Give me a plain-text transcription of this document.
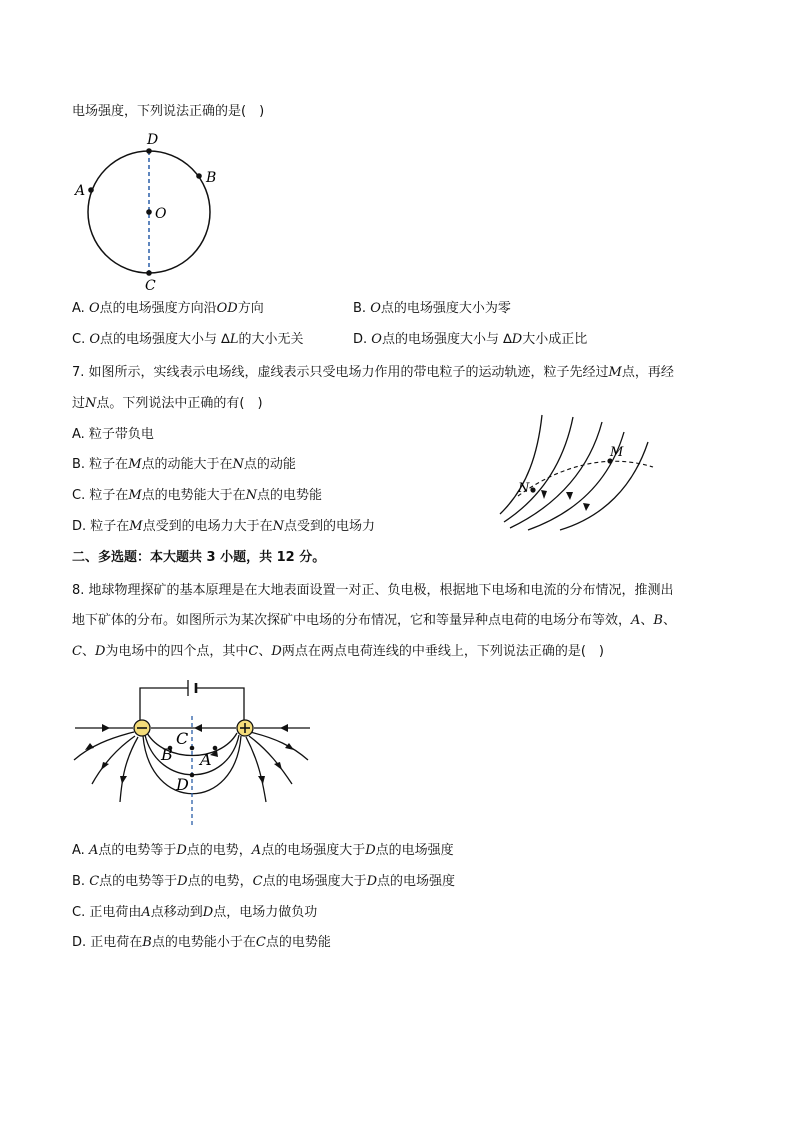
电场强度，下列说法正确的是(　)
D
A
B
O
C
A. O点的电场强度方向沿OD方向	B. O点的电场强度大小为零
C. O点的电场强度大小与 ∆L的大小无关	D. O点的电场强度大小与 ∆D大小成正比
7. 如图所示，实线表示电场线，虚线表示只受电场力作用的带电粒子的运动轨迹，粒子先经过M点，再经
过N点。下列说法中正确的有(　)
A. 粒子带负电
B. 粒子在M点的动能大于在N点的动能
C. 粒子在M点的电势能大于在N点的电势能
D. 粒子在M点受到的电场力大于在N点受到的电场力
M
N
二、多选题：本大题共 3 小题，共 12 分。
8. 地球物理探矿的基本原理是在大地表面设置一对正、负电极，根据地下电场和电流的分布情况，推测出
地下矿体的分布。如图所示为某次探矿中电场的分布情况，它和等量异种点电荷的电场分布等效，A、B、
C、D为电场中的四个点，其中C、D两点在两点电荷连线的中垂线上，下列说法正确的是(　)
C
B A
D
A. A点的电势等于D点的电势，A点的电场强度大于D点的电场强度
B. C点的电势等于D点的电势，C点的电场强度大于D点的电场强度
C. 正电荷由A点移动到D点，电场力做负功
D. 正电荷在B点的电势能小于在C点的电势能
